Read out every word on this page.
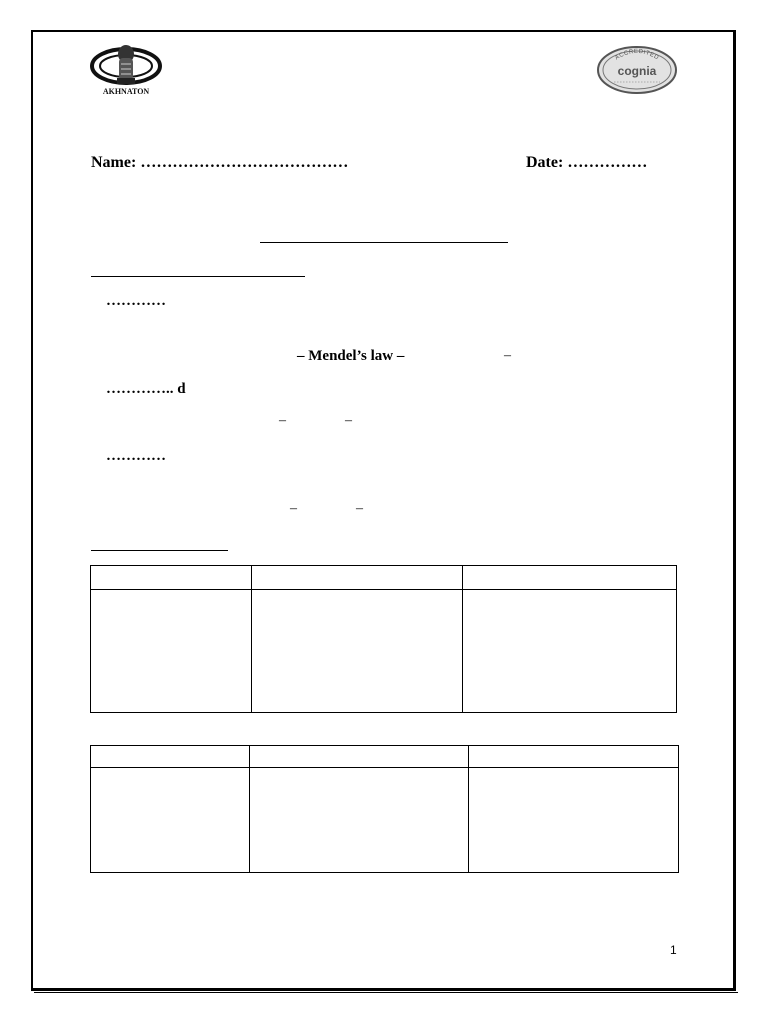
AKHNATON
ACCREDITED
cognia
Name: …………………………………	Date: ……………
…………
– Mendel’s law –	–
………….. d
–	–
…………
–	–

1
